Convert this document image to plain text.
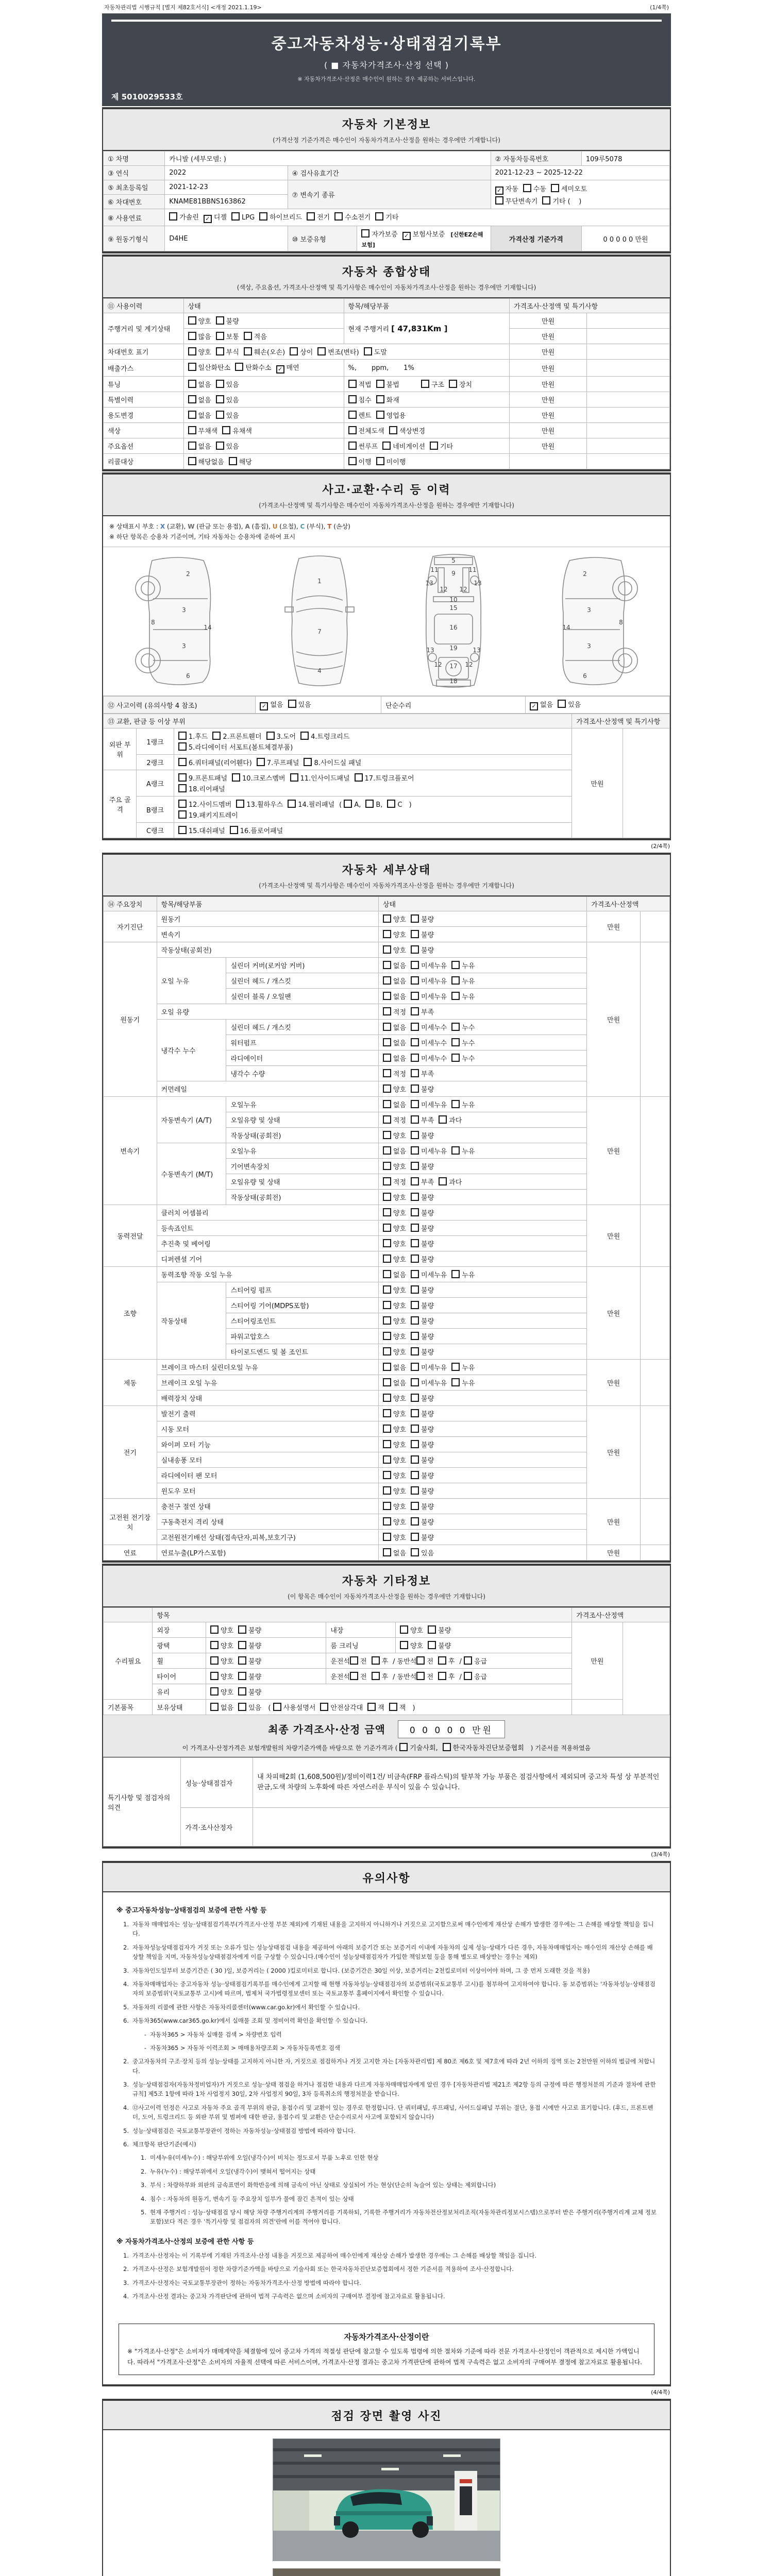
자동차관리법 시행규칙 [별지 제82호서식] <개정 2021.1.19>	(1/4쪽)
중고자동차성능·상태점검기록부
( ■ 자동차가격조사·산정 선택 )
※ 자동차가격조사·산정은 매수인이 원하는 경우 제공하는 서비스입니다.
제 5010029533호
자동차 기본정보
(가격산정 기준가격은 매수인이 자동차가격조사·산정을 원하는 경우에만 기재합니다)
① 차명	카니발 (세부모델: )			② 자동차등록번호	109루5078
③ 연식	2022	④ 검사유효기간		2021-12-23 ~ 2025-12-22	
⑤ 최초등록일	2021-12-23	⑦ 변속기 종류		✓ 자동 수동 세미오토
무단변속기 기타 (    )	
⑥ 차대번호	KNAME81BBNS163862				
⑧ 사용연료	가솔린 ✓ 디젤 LPG 하이브리드 전기 수소전기 기타				
⑨ 원동기형식	D4HE	⑩ 보증유형	자가보증 ✓ 보험사보증 [신한EZ손해보험]	가격산정 기준가격	0 0 0 0 0 만원
자동차 종합상태
(색상, 주요옵션, 가격조사·산정액 및 특기사항은 매수인이 자동차가격조사·산정을 원하는 경우에만 기재합니다)
⑪ 사용이력	상태	항목/해당부품	가격조사·산정액 및 특기사항	
주행거리 및 계기상태	양호 불량	현재 주행거리 [ 47,831Km ]	만원	
	많음 보통 적음		만원	
차대번호 표기	양호 부식 훼손(오손) 상이 변조(변타) 도말		만원	
배출가스	일산화탄소 탄화수소 ✓ 매연	%,       ppm,       1%	만원	
튜닝	없음 있음	적법 불법 구조 장치	만원	
특별이력	없음 있음	침수 화재	만원	
용도변경	없음 있음	렌트 영업용	만원	
색상	무채색 유채색	전체도색 색상변경	만원	
주요옵션	없음 있음	썬루프 네비게이션 기타	만원	
리콜대상	해당없음 해당	이행 미이행		
사고·교환·수리 등 이력
(가격조사·산정액 및 특기사항은 매수인이 자동차가격조사·산정을 원하는 경우에만 기재합니다)
※ 상태표시 부호 : X (교환), W (판금 또는 용접), A (흠집), U (요철), C (부식), T (손상)
※ 하단 항목은 승용차 기준이며, 기타 자동차는 승용차에 준하여 표시
2
8
3
14
3
6
1
7
4
5
9
11	11
13	13
12 12
10
15
16
13	13
19
12	12
17
18
2
8
3
14
3
6
⑫ 사고이력 (유의사항 4 참조)	✓ 없음 있음	단순수리	✓ 없음 있음
⑬ 교환, 판금 등 이상 부위			가격조사·산정액 및 특기사항	
외판 부위	1랭크	1.후드 2.프론트휀더 3.도어 4.트렁크리드
5.라디에이터 서포트(볼트체결부품)	만원	
	2랭크	6.쿼터패널(리어휀다) 7.루프패널 8.사이드실 패널		
주요 골격	A랭크	9.프론트패널 10.크로스멤버 11.인사이드패널 17.트렁크플로어
18.리어패널		
	B랭크	12.사이드멤버 13.휠하우스 14.필러패널 ( A, B, C )
19.패키지트레이		
	C랭크	15.대쉬패널 16.플로어패널		
(2/4쪽)
자동차 세부상태
(가격조사·산정액 및 특기사항은 매수인이 자동차가격조사·산정을 원하는 경우에만 기재합니다)
⑭ 주요장치	항목/해당부품		상태	가격조사·산정액	
자기진단	원동기		양호 불량	만원	
	변속기		양호 불량		
원동기	작동상태(공회전)		양호 불량	만원	
	오일 누유	실린더 커버(로커암 커버)	없음 미세누유 누유		
		실린더 헤드 / 개스킷	없음 미세누유 누유		
		실린더 블록 / 오일팬	없음 미세누유 누유		
	오일 유량		적정 부족		
	냉각수 누수	실린더 헤드 / 개스킷	없음 미세누수 누수		
		워터펌프	없음 미세누수 누수		
		라디에이터	없음 미세누수 누수		
		냉각수 수량	적정 부족		
	커먼레일		양호 불량		
변속기	자동변속기 (A/T)	오일누유	없음 미세누유 누유	만원	
		오일유량 및 상태	적정 부족 과다		
		작동상태(공회전)	양호 불량		
	수동변속기 (M/T)	오일누유	없음 미세누유 누유		
		기어변속장치	양호 불량		
		오일유량 및 상태	적정 부족 과다		
		작동상태(공회전)	양호 불량		
동력전달	클러치 어셈블리		양호 불량	만원	
	등속죠인트		양호 불량		
	추진축 및 베어링		양호 불량		
	디퍼렌셜 기어		양호 불량		
조향	동력조향 작동 오일 누유		없음 미세누유 누유	만원	
	작동상태	스티어링 펌프	양호 불량		
		스티어링 기어(MDPS포함)	양호 불량		
		스티어링조인트	양호 불량		
		파워고압호스	양호 불량		
		타이로드엔드 및 볼 조인트	양호 불량		
제동	브레이크 마스터 실린더오일 누유		없음 미세누유 누유	만원	
	브레이크 오일 누유		없음 미세누유 누유		
	배력장치 상태		양호 불량		
전기	발전기 출력		양호 불량	만원	
	시동 모터		양호 불량		
	와이퍼 모터 기능		양호 불량		
	실내송풍 모터		양호 불량		
	라디에이터 팬 모터		양호 불량		
	윈도우 모터		양호 불량		
고전원 전기장치	충전구 절연 상태		양호 불량	만원	
	구동축전지 격리 상태		양호 불량		
	고전원전기배선 상태(접속단자,피복,보호기구)		양호 불량		
연료	연료누출(LP가스포함)		없음 있음	만원	
자동차 기타정보
(이 항목은 매수인이 자동차가격조사·산정을 원하는 경우에만 기재합니다)
	항목				가격조사·산정액	
수리필요	외장	양호 불량	내장	양호 불량	만원	
	광택	양호 불량	룸 크리닝	양호 불량		
	휠	양호 불량	운전석 전 후 / 동반석 전 후 / 응급			
	타이어	양호 불량	운전석 전 후 / 동반석 전 후 / 응급			
	유리	양호 불량				
기본품목	보유상태	없음 있음 ( 사용설명서 안전삼각대 잭 잭 )				
최종 가격조사·산정 금액	0 0 0 0 0 만원
이 가격조사·산정가격은 보험개발원의 차량기준가액을 바탕으로 한 기준가격과 ( 기술사회, 한국자동차진단보증협회 ) 기준서를 적용하였음
특기사항 및 점검자의 의견	성능·상태점검자	내 차피해2회 (1,608,500원)/정비이력1건/ 비금속(FRP 플라스틱)의 탈부착 가능 부품은 점검사항에서 제외되며 중고차 특성 상 부분적인 판금,도색 차량의 노후화에 따른 자연스러운 부식이 있을 수 있습니다.
	가격·조사산정자	
(3/4쪽)
유의사항
※ 중고자동차성능·상태점검의 보증에 관한 사항 등
1. 자동차 매매업자는 성능·상태점검기록부(가격조사·산정 부분 제외)에 기재된 내용을 고지하지 아니하거나 거짓으로 고지함으로써 매수인에게 재산상 손해가 발생한 경우에는 그 손해를 배상할 책임을 집니다.
2. 자동차성능상태점검자가 거짓 또는 오류가 있는 성능상태점검 내용을 제공하여 아래의 보증기간 또는 보증거리 이내에 자동차의 실제 성능·상태가 다른 경우, 자동차매매업자는 매수인의 재산상 손해를 배상할 책임을 지며, 자동차성능상태점검자에게 이를 구상할 수 있습니다.(매수인이 성능상태점검자가 가입한 책임보험 등을 통해 별도로 배상받는 경우는 제외)
3. 자동차인도일부터 보증기간은 ( 30 )일, 보증거리는 ( 2000 )킬로미터로 합니다. (보증기간은 30일 이상, 보증거리는 2천킬로미터 이상이어야 하며, 그 중 먼저 도래한 것을 적용)
4. 자동차매매업자는 중고자동차 성능·상태점검기록부를 매수인에게 고지할 때 현행 자동차성능·상태점검자의 보증범위(국토교통부 고시)를 첨부하여 고지하여야 합니다. 동 보증범위는 '자동차성능·상태점검자의 보증범위'(국토교통부 고시)에 따르며, 법제처 국가법령정보센터 또는 국토교통부 홈페이지에서 확인할 수 있습니다.
5. 자동차의 리콜에 관한 사항은 자동차리콜센터(www.car.go.kr)에서 확인할 수 있습니다.
6. 자동차365(www.car365.go.kr)에서 실매물 조회 및 정비이력 확인을 확인할 수 있습니다.
- 자동차365 > 자동차 실매물 검색 > 차량번호 입력
- 자동차365 > 자동차 이력조회 > 매매용차량조회 > 자동차등록번호 검색
2. 중고자동차의 구조·장치 등의 성능·상태를 고지하지 아니한 자, 거짓으로 점검하거나 거짓 고지한 자는 [자동차관리법] 제 80조 제6호 및 제7호에 따라 2년 이하의 징역 또는 2천만원 이하의 벌금에 처합니다.
3. 성능·상태점검자(자동차정비업자)가 거짓으로 성능·상태 점검을 하거나 점검한 내용과 다르게 자동차매매업자에게 알린 경우 [자동차관리법 제21조 제2항 등의 규정에 따른 행정처분의 기준과 절차에 관한 규칙] 제5조 1항에 따라 1차 사업정지 30일, 2차 사업정지 90일, 3차 등록취소의 행정처분을 받습니다.
4. ⑫사고이력 인정은 사고로 자동차 주요 골격 부위의 판금, 용접수리 및 교환이 있는 경우로 한정합니다. 단 쿼터패널, 루프패널, 사이드실패널 부위는 절단, 용접 시에만 사고로 표기합니다. (후드, 프론트펜더, 도어, 트렁크리드 등 외판 부위 및 범퍼에 대한 판금, 용접수리 및 교환은 단순수리로서 사고에 포함되지 않습니다)
5. 성능·상태점검은 국토교통부장관이 정하는 자동차성능·상태점검 방법에 따라야 합니다.
6. 체크항목 판단기준(예시)
1. 미세누유(미세누수) : 해당부위에 오일(냉각수)이 비치는 정도로서 부품 노후로 인한 현상
2. 누유(누수) : 해당부위에서 오일(냉각수)이 맺혀서 떨어지는 상태
3. 부식 : 차량하부와 외판의 금속표면이 화학반응에 의해 금속이 아닌 상태로 상실되어 가는 현상(단순히 녹슬어 있는 상태는 제외합니다)
4. 침수 : 자동차의 원동기, 변속기 등 주요장치 일부가 물에 잠긴 흔적이 있는 상태
5. 현재 주행거리 : 성능·상태점검 당시 해당 차량 주행거리계의 주행거리를 기록하되, 기록한 주행거리가 자동차전산정보처리조직(자동차관리정보시스템)으로부터 받은 주행거리(주행거리계 교체 정보 포함)보다 적은 경우 '특기사항 및 점검자의 의견'란에 이를 적어야 합니다.
※ 자동차가격조사·산정의 보증에 관한 사항 등
1. 가격조사·산정자는 이 기록부에 기재된 가격조사·산정 내용을 거짓으로 제공하여 매수인에게 재산상 손해가 발생한 경우에는 그 손해를 배상할 책임을 집니다.
2. 가격조사·산정은 보험개발원이 정한 차량기준가액을 바탕으로 기술사회 또는 한국자동차진단보증협회에서 정한 기준서를 적용하여 조사·산정합니다.
3. 가격조사·산정자는 국토교통부장관이 정하는 자동차가격조사·산정 방법에 따라야 합니다.
4. 가격조사·산정 결과는 중고차 가격판단에 관하여 법적 구속력은 없으며 소비자의 구매여부 결정에 참고자료로 활용됩니다.
자동차가격조사·산정이란
※ "가격조사·산정"은 소비자가 매매계약을 체결함에 있어 중고차 가격의 적절성 판단에 참고할 수 있도록 법령에 의한 절차와 기준에 따라 전문 가격조사·산정인이 객관적으로 제시한 가액입니다. 따라서 "가격조사·산정"은 소비자의 자율적 선택에 따른 서비스이며, 가격조사·산정 결과는 중고차 가격판단에 관하여 법적 구속력은 없고 소비자의 구매여부 결정에 참고자료로 활용됩니다.
(4/4쪽)
점검 장면 촬영 사진
